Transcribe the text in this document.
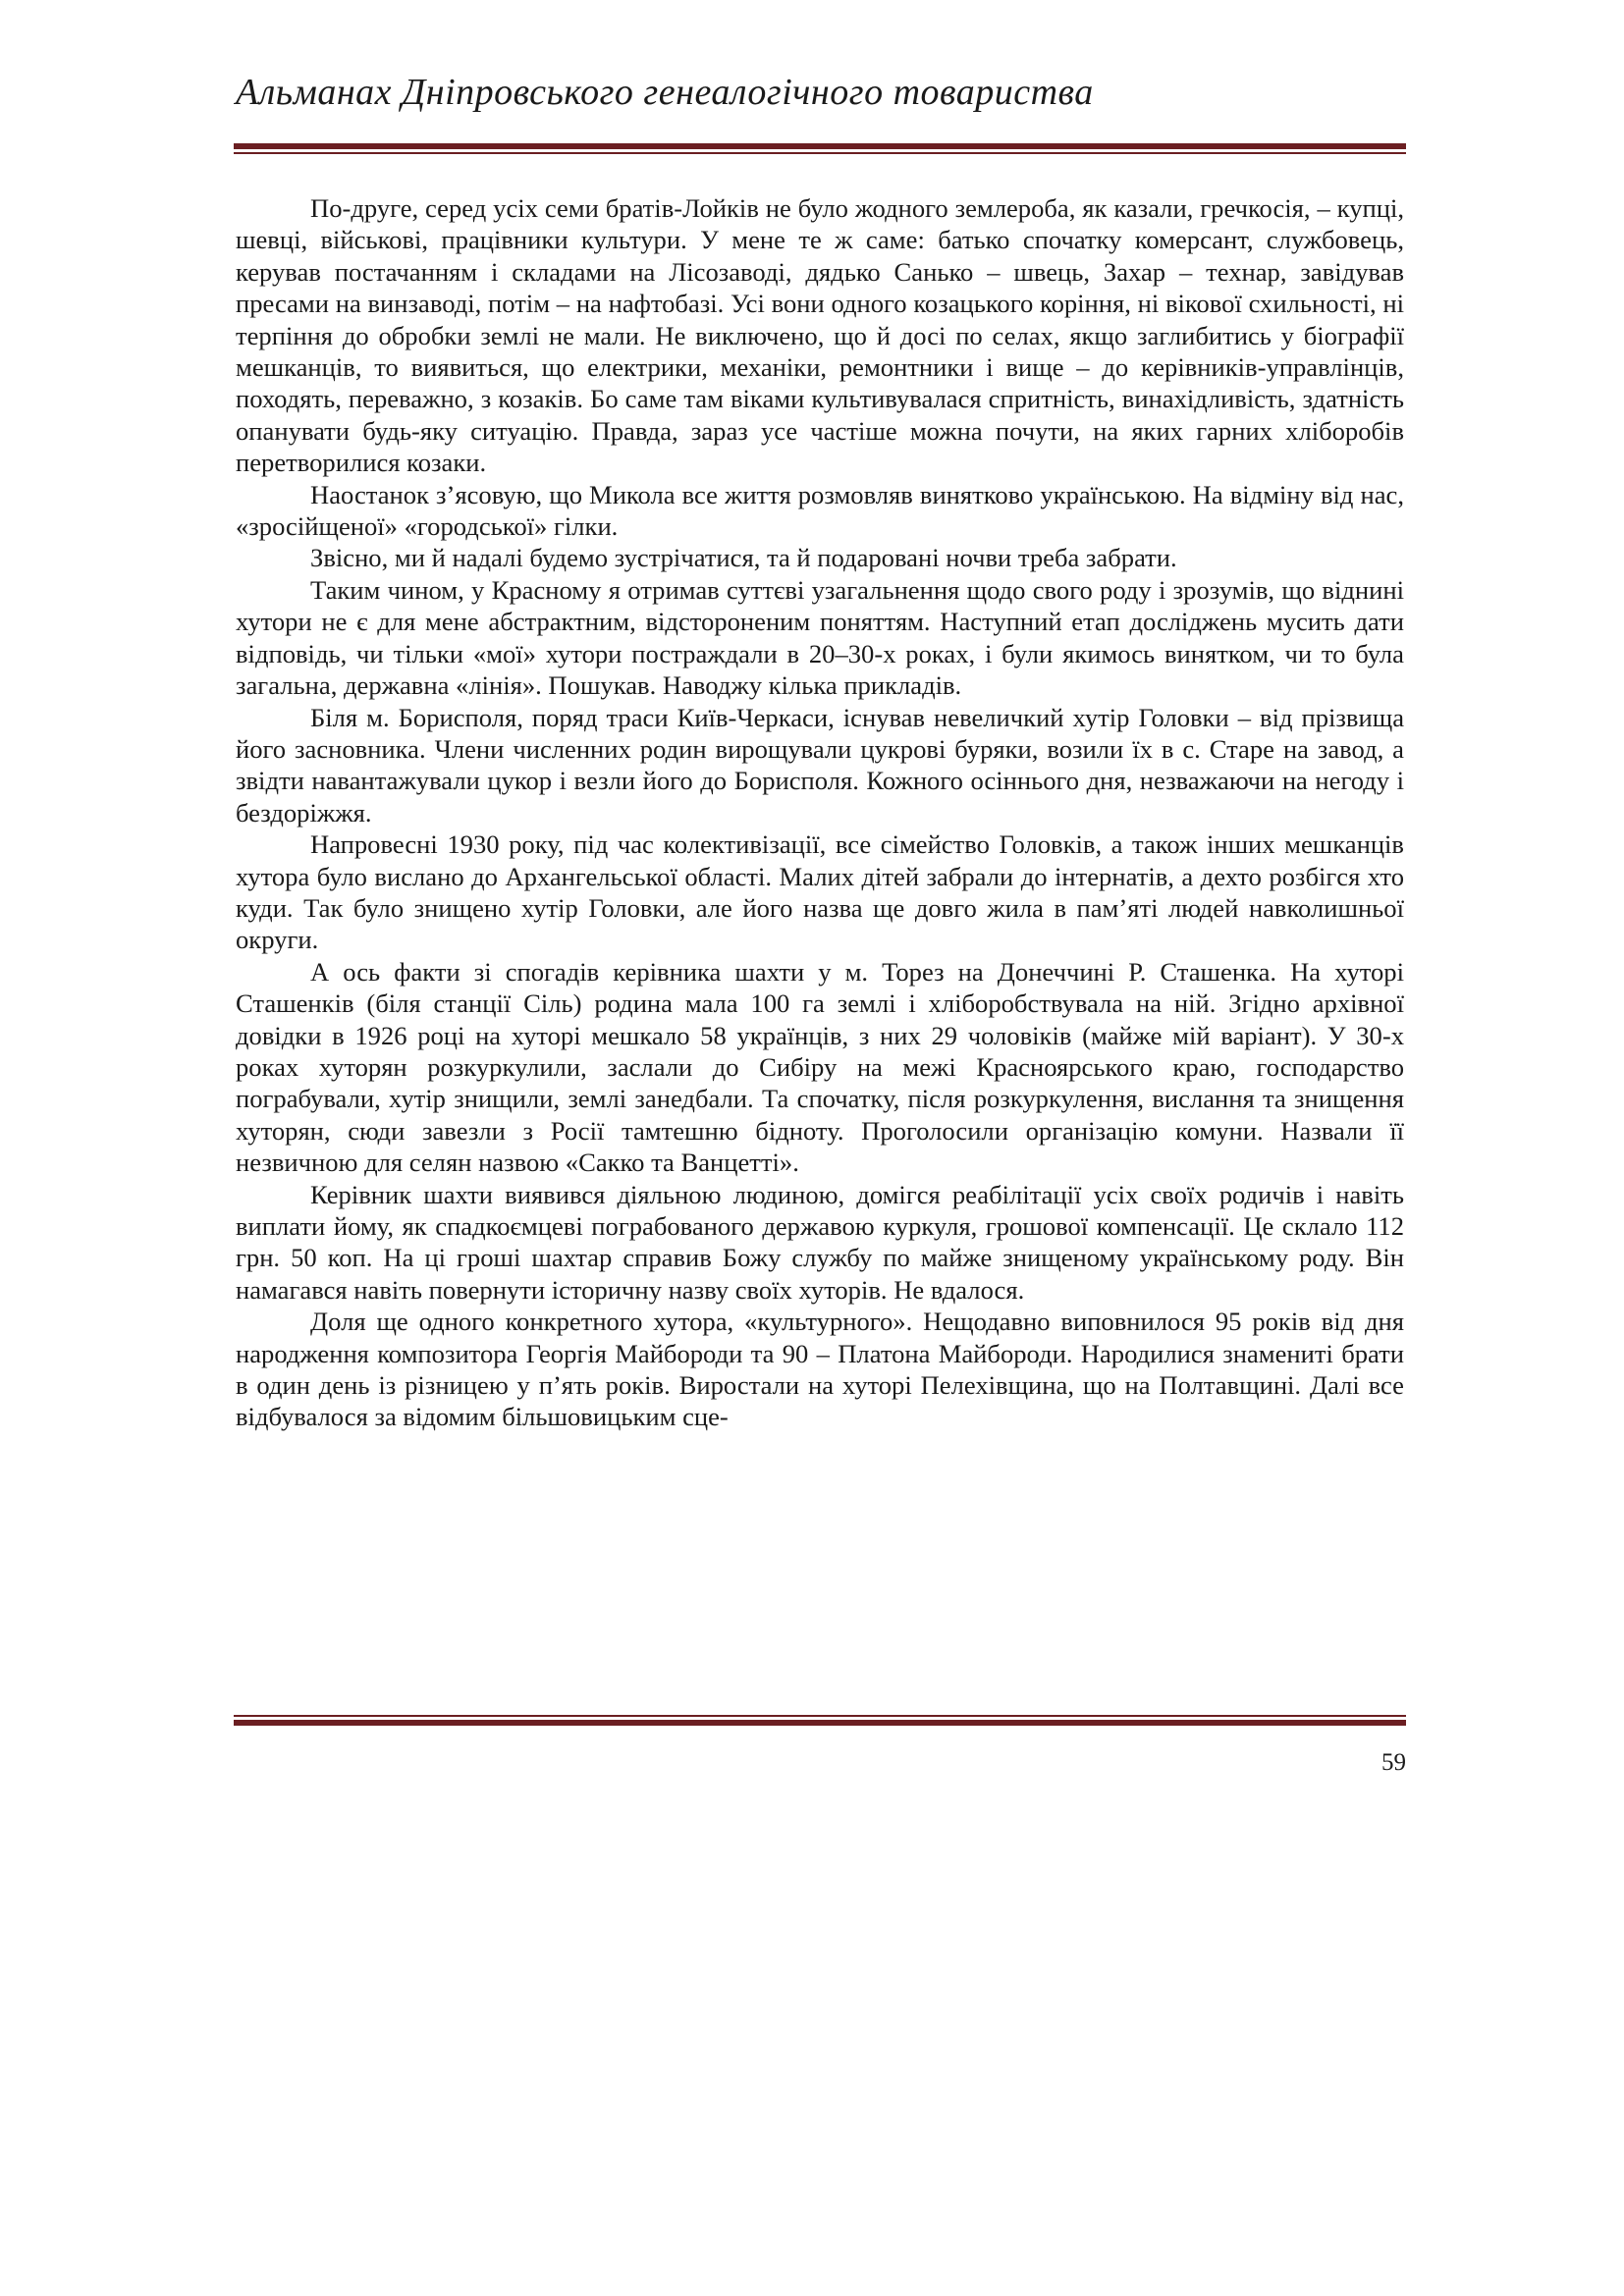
Альманах Дніпровського генеалогічного товариства

По-друге, серед усіх семи братів-Лойків не було жодного землероба, як казали, гречкосія, – купці, шевці, військові, працівники культури. У мене те ж саме: батько спочатку комерсант, службовець, керував постачанням і складами на Лісозаводі, дядько Санько – швець, Захар – технар, завідував пресами на винзаводі, потім – на нафтобазі. Усі вони одного козацького коріння, ні вікової схильності, ні терпіння до обробки землі не мали. Не виключено, що й досі по селах, якщо заглибитись у біографії мешканців, то виявиться, що електрики, механіки, ремонтники і вище – до керівників-управлінців, походять, переважно, з козаків. Бо саме там віками культивувалася спритність, винахідливість, здатність опанувати будь-яку ситуацію. Правда, зараз усе частіше можна почути, на яких гарних хліборобів перетворилися козаки.

Наостанок з’ясовую, що Микола все життя розмовляв винятково українською. На відміну від нас, «зросійщеної» «городської» гілки.

Звісно, ми й надалі будемо зустрічатися, та й подаровані ночви треба забрати.

Таким чином, у Красному я отримав суттєві узагальнення щодо свого роду і зрозумів, що віднині хутори не є для мене абстрактним, відстороненим поняттям. Наступний етап досліджень мусить дати відповідь, чи тільки «мої» хутори постраждали в 20–30-х роках, і були якимось винятком, чи то була загальна, державна «лінія». Пошукав. Наводжу кілька прикладів.

Біля м. Борисполя, поряд траси Київ-Черкаси, існував невеличкий хутір Головки – від прізвища його засновника. Члени численних родин вирощували цукрові буряки, возили їх в с. Старе на завод, а звідти навантажували цукор і везли його до Борисполя. Кожного осіннього дня, незважаючи на негоду і бездоріжжя.

Напровесні 1930 року, під час колективізації, все сімейство Головків, а також інших мешканців хутора було вислано до Архангельської області. Малих дітей забрали до інтернатів, а дехто розбігся хто куди. Так було знищено хутір Головки, але його назва ще довго жила в пам’яті людей навколишньої округи.

А ось факти зі спогадів керівника шахти у м. Торез на Донеччині Р. Сташенка. На хуторі Сташенків (біля станції Сіль) родина мала 100 га землі і хліборобствувала на ній. Згідно архівної довідки в 1926 році на хуторі мешкало 58 українців, з них 29 чоловіків (майже мій варіант). У 30-х роках хуторян розкуркулили, заслали до Сибіру на межі Красноярського краю, господарство пограбували, хутір знищили, землі занедбали. Та спочатку, після розкуркулення, вислання та знищення хуторян, сюди завезли з Росії тамтешню бідноту. Проголосили організацію комуни. Назвали її незвичною для селян назвою «Сакко та Ванцетті».

Керівник шахти виявився діяльною людиною, домігся реабілітації усіх своїх родичів і навіть виплати йому, як спадкоємцеві пограбованого державою куркуля, грошової компенсації. Це склало 112 грн. 50 коп. На ці гроші шахтар справив Божу службу по майже знищеному українському роду. Він намагався навіть повернути історичну назву своїх хуторів. Не вдалося.

Доля ще одного конкретного хутора, «культурного». Нещодавно виповнилося 95 років від дня народження композитора Георгія Майбороди та 90 – Платона Майбороди. Народилися знамениті брати в один день із різницею у п’ять років. Виростали на хуторі Пелехівщина, що на Полтавщині. Далі все відбувалося за відомим більшовицьким сце-

59
